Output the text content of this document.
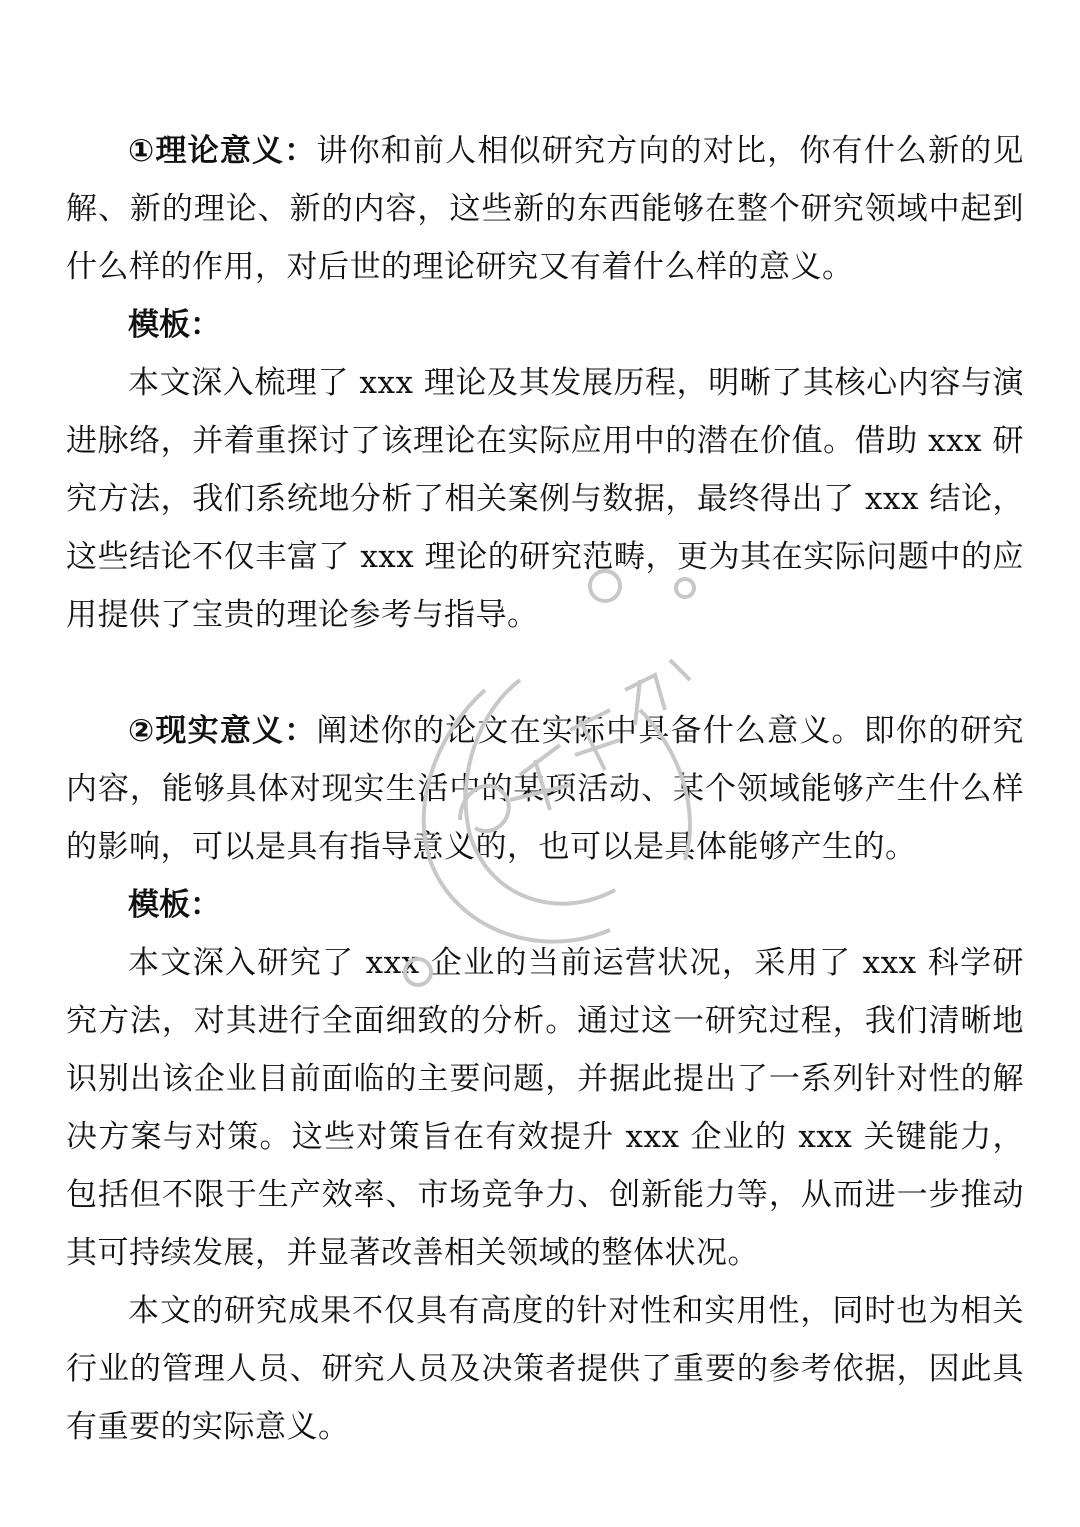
①理论意义：讲你和前人相似研究方向的对比，你有什么新的见解、新的理论、新的内容，这些新的东西能够在整个研究领域中起到什么样的作用，对后世的理论研究又有着什么样的意义。

模板：

本文深入梳理了 xxx 理论及其发展历程，明晰了其核心内容与演进脉络，并着重探讨了该理论在实际应用中的潜在价值。借助 xxx 研究方法，我们系统地分析了相关案例与数据，最终得出了 xxx 结论，这些结论不仅丰富了 xxx 理论的研究范畴，更为其在实际问题中的应用提供了宝贵的理论参考与指导。

②现实意义：阐述你的论文在实际中具备什么意义。即你的研究内容，能够具体对现实生活中的某项活动、某个领域能够产生什么样的影响，可以是具有指导意义的，也可以是具体能够产生的。

模板：

本文深入研究了 xxx 企业的当前运营状况，采用了 xxx 科学研究方法，对其进行全面细致的分析。通过这一研究过程，我们清晰地识别出该企业目前面临的主要问题，并据此提出了一系列针对性的解决方案与对策。这些对策旨在有效提升 xxx 企业的 xxx 关键能力，包括但不限于生产效率、市场竞争力、创新能力等，从而进一步推动其可持续发展，并显著改善相关领域的整体状况。

本文的研究成果不仅具有高度的针对性和实用性，同时也为相关行业的管理人员、研究人员及决策者提供了重要的参考依据，因此具有重要的实际意义。
